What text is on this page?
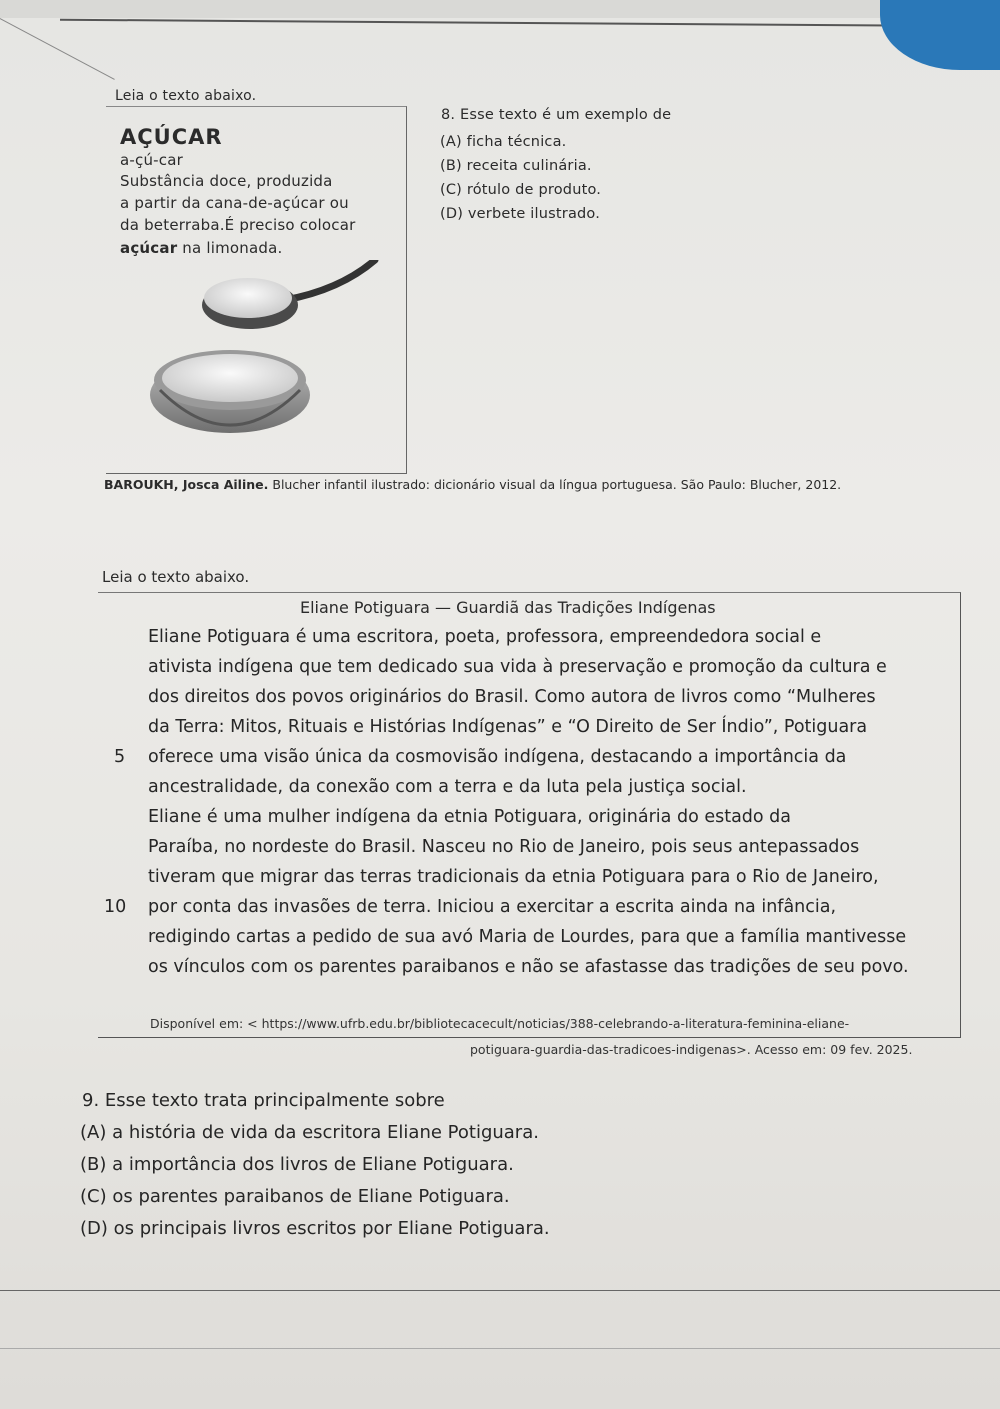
Leia o texto abaixo.
AÇÚCAR
a-çú-car
Substância doce, produzida
a partir da cana-de-açúcar ou
da beterraba.É preciso colocar
açúcar na limonada.
8. Esse texto é um exemplo de
(A) ficha técnica.
(B) receita culinária.
(C) rótulo de produto.
(D) verbete ilustrado.
BAROUKH, Josca Ailine. Blucher infantil ilustrado: dicionário visual da língua portuguesa. São Paulo: Blucher, 2012.
Leia o texto abaixo.
Eliane Potiguara — Guardiã das Tradições Indígenas
Eliane Potiguara é uma escritora, poeta, professora, empreendedora social e
ativista indígena que tem dedicado sua vida à preservação e promoção da cultura e
dos direitos dos povos originários do Brasil. Como autora de livros como “Mulheres
da Terra: Mitos, Rituais e Histórias Indígenas” e “O Direito de Ser Índio”, Potiguara
5 oferece uma visão única da cosmovisão indígena, destacando a importância da
ancestralidade, da conexão com a terra e da luta pela justiça social.
Eliane é uma mulher indígena da etnia Potiguara, originária do estado da
Paraíba, no nordeste do Brasil. Nasceu no Rio de Janeiro, pois seus antepassados
tiveram que migrar das terras tradicionais da etnia Potiguara para o Rio de Janeiro,
10 por conta das invasões de terra. Iniciou a exercitar a escrita ainda na infância,
redigindo cartas a pedido de sua avó Maria de Lourdes, para que a família mantivesse
os vínculos com os parentes paraibanos e não se afastasse das tradições de seu povo.
Disponível em: < https://www.ufrb.edu.br/bibliotecacecult/noticias/388-celebrando-a-literatura-feminina-eliane-
potiguara-guardia-das-tradicoes-indigenas>. Acesso em: 09 fev. 2025.
9. Esse texto trata principalmente sobre
(A) a história de vida da escritora Eliane Potiguara.
(B) a importância dos livros de Eliane Potiguara.
(C) os parentes paraibanos de Eliane Potiguara.
(D) os principais livros escritos por Eliane Potiguara.
